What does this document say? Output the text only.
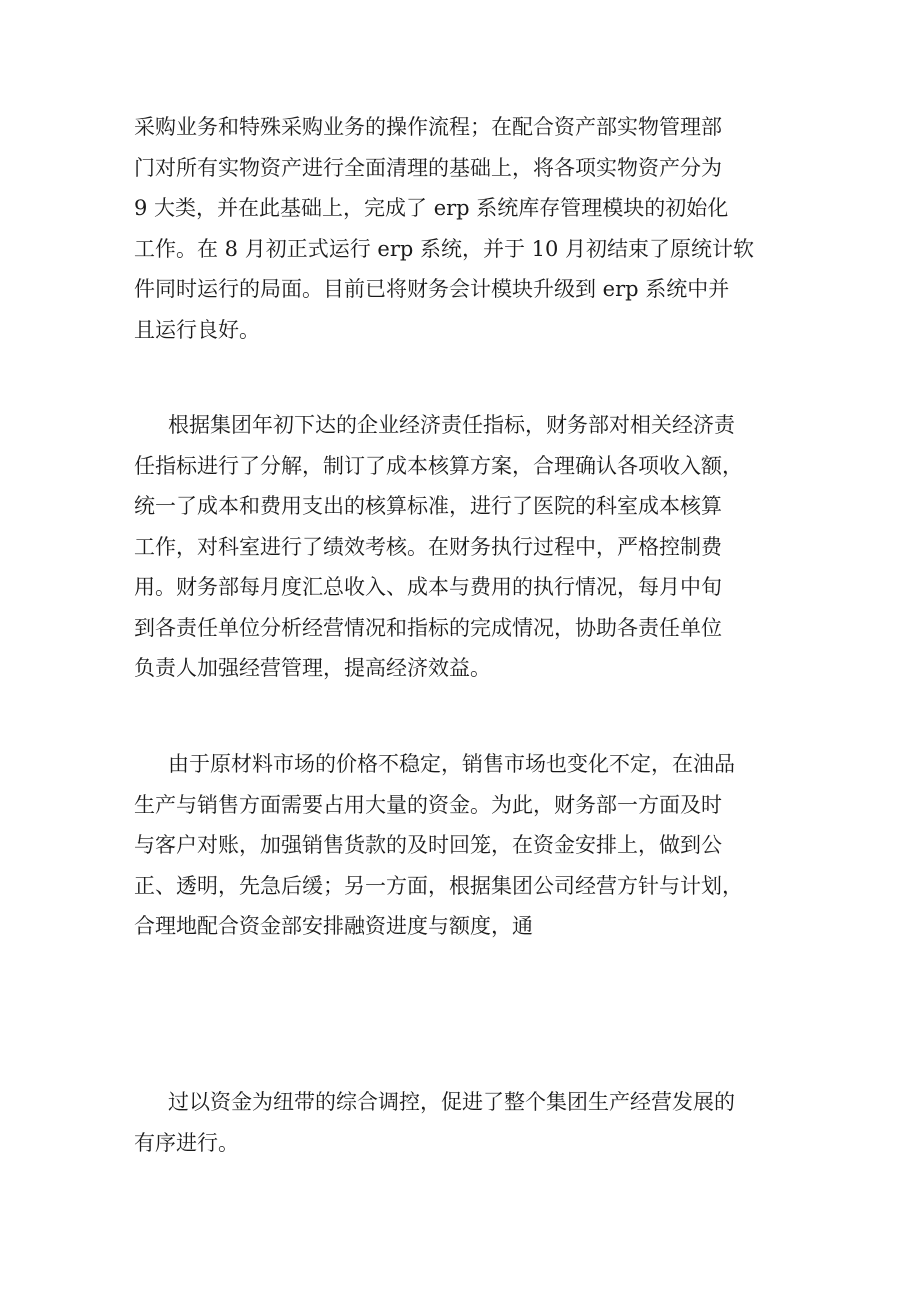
采购业务和特殊采购业务的操作流程；在配合资产部实物管理部
门对所有实物资产进行全面清理的基础上，将各项实物资产分为
9 大类，并在此基础上，完成了 erp 系统库存管理模块的初始化
工作。在 8 月初正式运行 erp 系统，并于 10 月初结束了原统计软
件同时运行的局面。目前已将财务会计模块升级到 erp 系统中并
且运行良好。
根据集团年初下达的企业经济责任指标，财务部对相关经济责
任指标进行了分解，制订了成本核算方案，合理确认各项收入额，
统一了成本和费用支出的核算标准，进行了医院的科室成本核算
工作，对科室进行了绩效考核。在财务执行过程中，严格控制费
用。财务部每月度汇总收入、成本与费用的执行情况，每月中旬
到各责任单位分析经营情况和指标的完成情况，协助各责任单位
负责人加强经营管理，提高经济效益。
由于原材料市场的价格不稳定，销售市场也变化不定，在油品
生产与销售方面需要占用大量的资金。为此，财务部一方面及时
与客户对账，加强销售货款的及时回笼，在资金安排上，做到公
正、透明，先急后缓；另一方面，根据集团公司经营方针与计划，
合理地配合资金部安排融资进度与额度，通
过以资金为纽带的综合调控，促进了整个集团生产经营发展的
有序进行。
